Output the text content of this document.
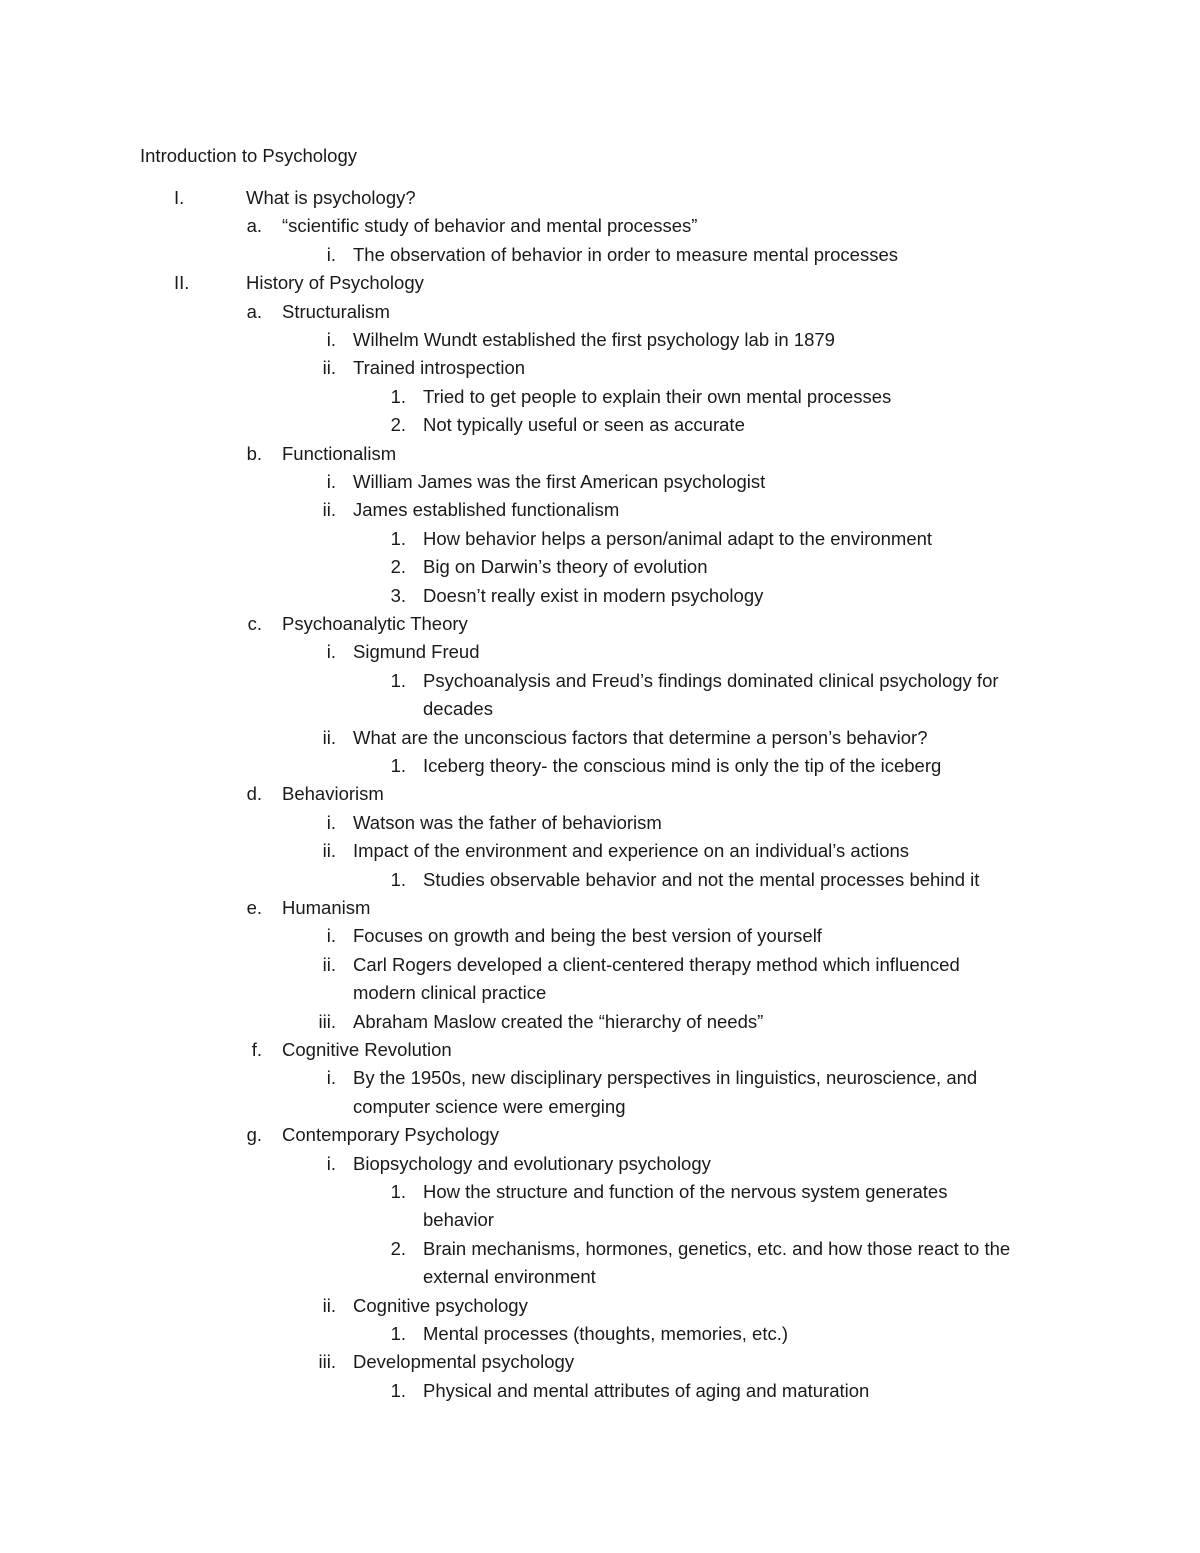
Introduction to Psychology
I.	What is psychology?
a. “scientific study of behavior and mental processes”
i. The observation of behavior in order to measure mental processes
II.	History of Psychology
a. Structuralism
i. Wilhelm Wundt established the first psychology lab in 1879
ii. Trained introspection
1. Tried to get people to explain their own mental processes
2. Not typically useful or seen as accurate
b. Functionalism
i. William James was the first American psychologist
ii. James established functionalism
1. How behavior helps a person/animal adapt to the environment
2. Big on Darwin’s theory of evolution
3. Doesn’t really exist in modern psychology
c. Psychoanalytic Theory
i. Sigmund Freud
1. Psychoanalysis and Freud’s findings dominated clinical psychology for
decades
ii. What are the unconscious factors that determine a person’s behavior?
1. Iceberg theory- the conscious mind is only the tip of the iceberg
d. Behaviorism
i. Watson was the father of behaviorism
ii. Impact of the environment and experience on an individual’s actions
1. Studies observable behavior and not the mental processes behind it
e. Humanism
i. Focuses on growth and being the best version of yourself
ii. Carl Rogers developed a client-centered therapy method which influenced
modern clinical practice
iii. Abraham Maslow created the “hierarchy of needs”
f. Cognitive Revolution
i. By the 1950s, new disciplinary perspectives in linguistics, neuroscience, and
computer science were emerging
g. Contemporary Psychology
i. Biopsychology and evolutionary psychology
1. How the structure and function of the nervous system generates
behavior
2. Brain mechanisms, hormones, genetics, etc. and how those react to the
external environment
ii. Cognitive psychology
1. Mental processes (thoughts, memories, etc.)
iii. Developmental psychology
1. Physical and mental attributes of aging and maturation
